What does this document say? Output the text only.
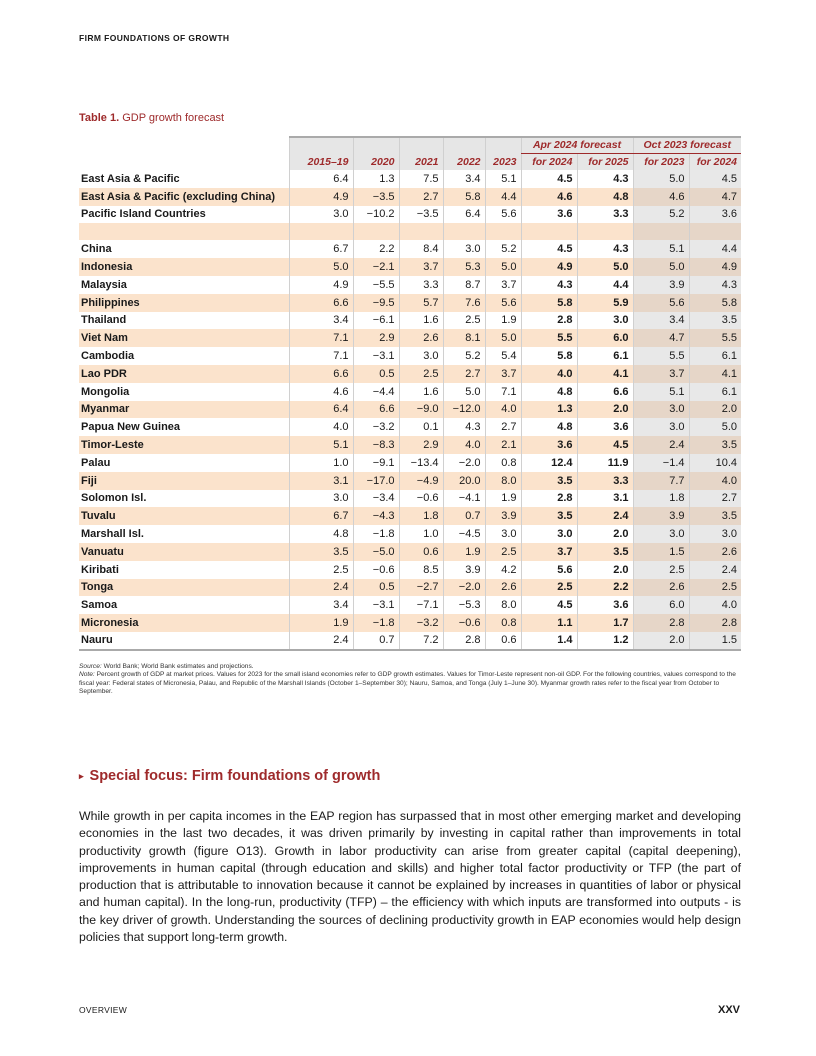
FIRM FOUNDATIONS OF GROWTH
Table 1. GDP growth forecast
						Apr 2024 forecast		Oct 2023 forecast	
	2015–19	2020	2021	2022	2023	for 2024	for 2025	for 2023	for 2024
East Asia & Pacific	6.4	1.3	7.5	3.4	5.1	4.5	4.3	5.0	4.5
East Asia & Pacific (excluding China)	4.9	−3.5	2.7	5.8	4.4	4.6	4.8	4.6	4.7
Pacific Island Countries	3.0	−10.2	−3.5	6.4	5.6	3.6	3.3	5.2	3.6

China	6.7	2.2	8.4	3.0	5.2	4.5	4.3	5.1	4.4
Indonesia	5.0	−2.1	3.7	5.3	5.0	4.9	5.0	5.0	4.9
Malaysia	4.9	−5.5	3.3	8.7	3.7	4.3	4.4	3.9	4.3
Philippines	6.6	−9.5	5.7	7.6	5.6	5.8	5.9	5.6	5.8
Thailand	3.4	−6.1	1.6	2.5	1.9	2.8	3.0	3.4	3.5
Viet Nam	7.1	2.9	2.6	8.1	5.0	5.5	6.0	4.7	5.5
Cambodia	7.1	−3.1	3.0	5.2	5.4	5.8	6.1	5.5	6.1
Lao PDR	6.6	0.5	2.5	2.7	3.7	4.0	4.1	3.7	4.1
Mongolia	4.6	−4.4	1.6	5.0	7.1	4.8	6.6	5.1	6.1
Myanmar	6.4	6.6	−9.0	−12.0	4.0	1.3	2.0	3.0	2.0
Papua New Guinea	4.0	−3.2	0.1	4.3	2.7	4.8	3.6	3.0	5.0
Timor-Leste	5.1	−8.3	2.9	4.0	2.1	3.6	4.5	2.4	3.5
Palau	1.0	−9.1	−13.4	−2.0	0.8	12.4	11.9	−1.4	10.4
Fiji	3.1	−17.0	−4.9	20.0	8.0	3.5	3.3	7.7	4.0
Solomon Isl.	3.0	−3.4	−0.6	−4.1	1.9	2.8	3.1	1.8	2.7
Tuvalu	6.7	−4.3	1.8	0.7	3.9	3.5	2.4	3.9	3.5
Marshall Isl.	4.8	−1.8	1.0	−4.5	3.0	3.0	2.0	3.0	3.0
Vanuatu	3.5	−5.0	0.6	1.9	2.5	3.7	3.5	1.5	2.6
Kiribati	2.5	−0.6	8.5	3.9	4.2	5.6	2.0	2.5	2.4
Tonga	2.4	0.5	−2.7	−2.0	2.6	2.5	2.2	2.6	2.5
Samoa	3.4	−3.1	−7.1	−5.3	8.0	4.5	3.6	6.0	4.0
Micronesia	1.9	−1.8	−3.2	−0.6	0.8	1.1	1.7	2.8	2.8
Nauru	2.4	0.7	7.2	2.8	0.6	1.4	1.2	2.0	1.5
Source: World Bank; World Bank estimates and projections.
Note: Percent growth of GDP at market prices. Values for 2023 for the small island economies refer to GDP growth estimates. Values for Timor-Leste represent non-oil GDP. For the following countries, values correspond to the fiscal year: Federal states of Micronesia, Palau, and Republic of the Marshall Islands (October 1–September 30); Nauru, Samoa, and Tonga (July 1–June 30). Myanmar growth rates refer to the fiscal year from October to September.
▸ Special focus: Firm foundations of growth
While growth in per capita incomes in the EAP region has surpassed that in most other emerging market and developing economies in the last two decades, it was driven primarily by investing in capital rather than improvements in total productivity growth (figure O13). Growth in labor productivity can arise from greater capital (capital deepening), improvements in human capital (through education and skills) and higher total factor productivity or TFP (the part of production that is attributable to innovation because it cannot be explained by increases in quantities of labor or physical and human capital). In the long-run, productivity (TFP) – the efficiency with which inputs are transformed into outputs - is the key driver of growth. Understanding the sources of declining productivity growth in EAP economies would help design policies that support long-term growth.
OVERVIEW	XXV
